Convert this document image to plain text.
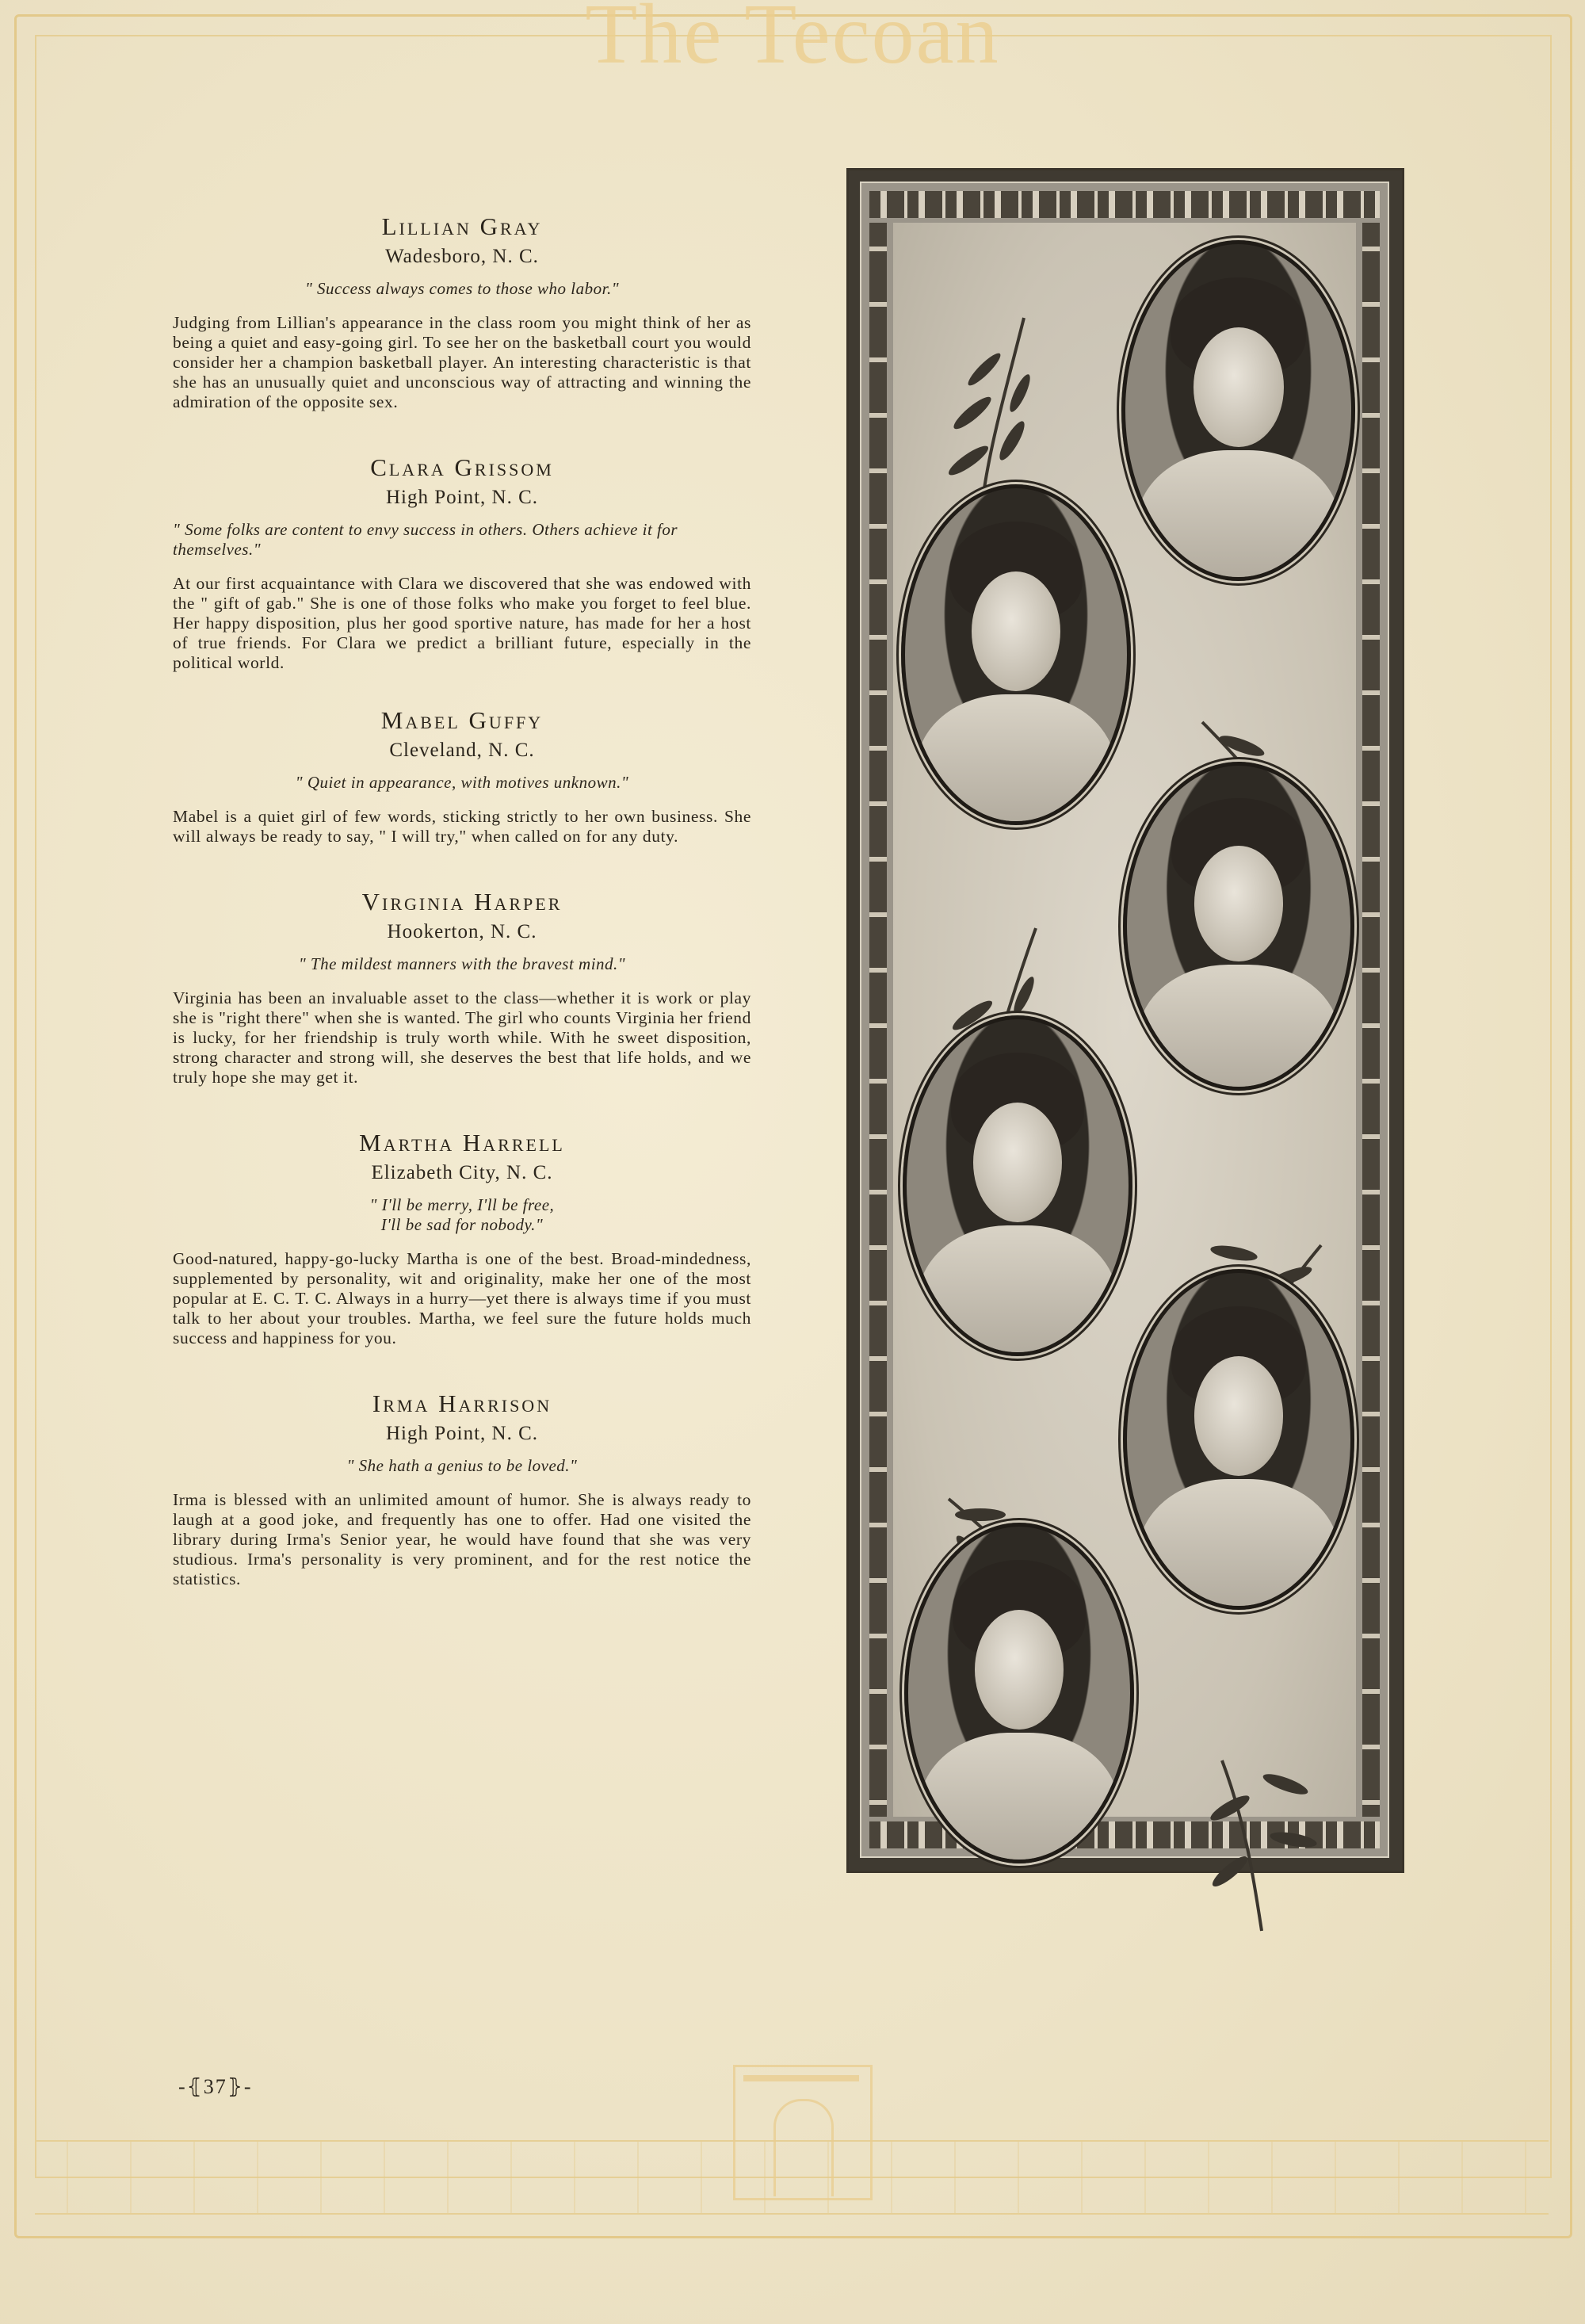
The Tecoan
Lillian Gray
Wadesboro, N. C.
" Success always comes to those who labor."

Judging from Lillian's appearance in the class room you might think of her as being a quiet and easy-going girl. To see her on the basketball court you would consider her a champion basketball player. An interesting characteristic is that she has an unusually quiet and unconscious way of attracting and winning the admiration of the opposite sex.

Clara Grissom
High Point, N. C.
" Some folks are content to envy success in others. Others achieve it for themselves."

At our first acquaintance with Clara we discovered that she was endowed with the " gift of gab." She is one of those folks who make you forget to feel blue. Her happy disposition, plus her good sportive nature, has made for her a host of true friends. For Clara we predict a brilliant future, especially in the political world.

Mabel Guffy
Cleveland, N. C.
" Quiet in appearance, with motives unknown."

Mabel is a quiet girl of few words, sticking strictly to her own business. She will always be ready to say, " I will try," when called on for any duty.

Virginia Harper
Hookerton, N. C.
" The mildest manners with the bravest mind."

Virginia has been an invaluable asset to the class—whether it is work or play she is "right there" when she is wanted. The girl who counts Virginia her friend is lucky, for her friendship is truly worth while. With he sweet disposition, strong character and strong will, she deserves the best that life holds, and we truly hope she may get it.

Martha Harrell
Elizabeth City, N. C.
" I'll be merry, I'll be free,
I'll be sad for nobody."

Good-natured, happy-go-lucky Martha is one of the best. Broad-mindedness, supplemented by personality, wit and originality, make her one of the most popular at E. C. T. C. Always in a hurry—yet there is always time if you must talk to her about your troubles. Martha, we feel sure the future holds much success and happiness for you.

Irma Harrison
High Point, N. C.
" She hath a genius to be loved."

Irma is blessed with an unlimited amount of humor. She is always ready to laugh at a good joke, and frequently has one to offer. Had one visited the library during Irma's Senior year, he would have found that she was very studious. Irma's personality is very prominent, and for the rest notice the statistics.

-⦃37⦄-
